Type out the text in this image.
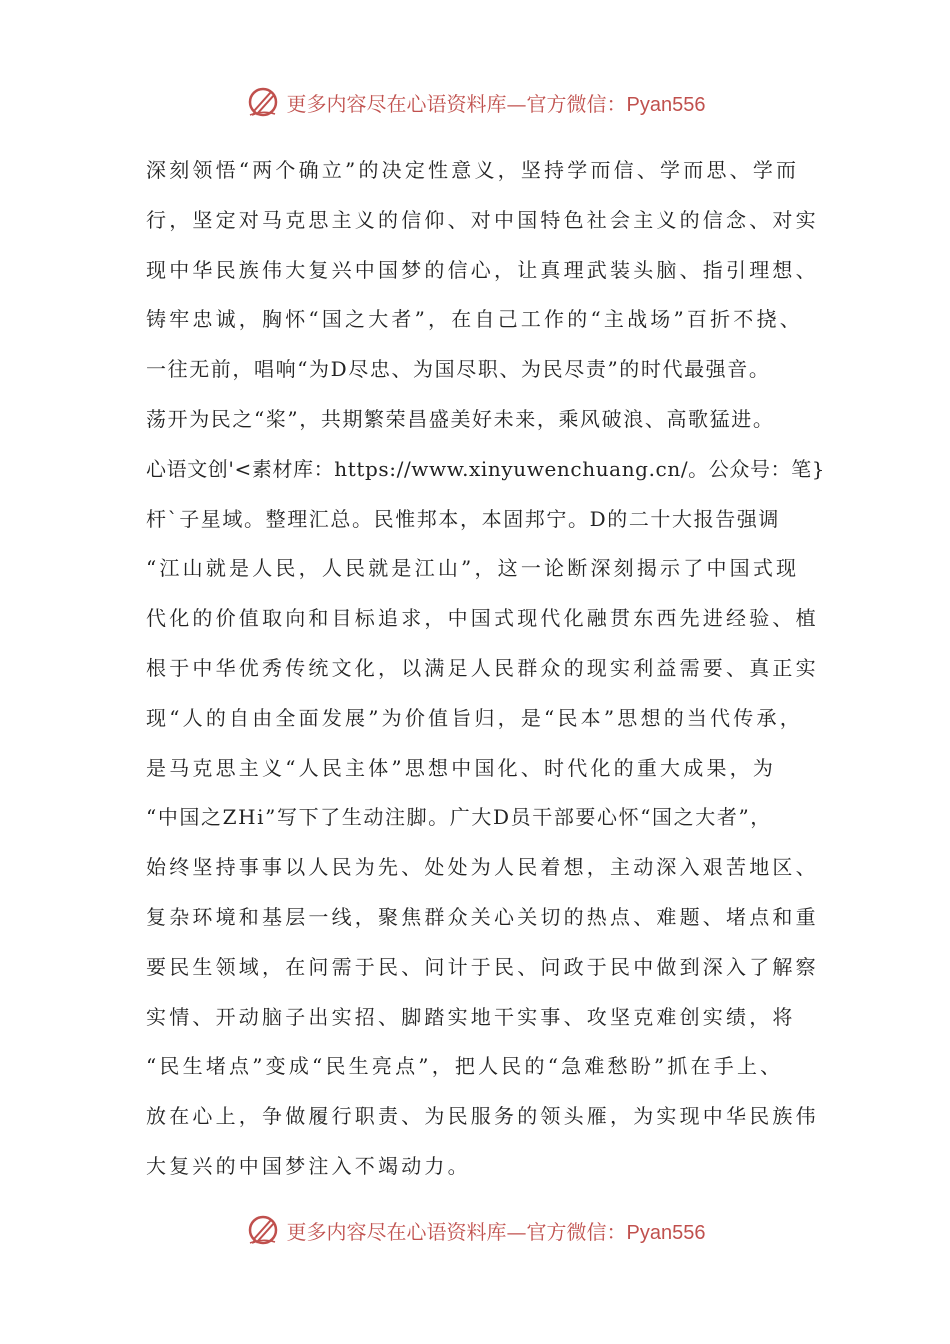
更多内容尽在心语资料库—官方微信：Pyan556
深刻领悟“两个确立”的决定性意义，坚持学而信、学而思、学而
行，坚定对马克思主义的信仰、对中国特色社会主义的信念、对实
现中华民族伟大复兴中国梦的信心，让真理武装头脑、指引理想、
铸牢忠诚，胸怀“国之大者”，在自己工作的“主战场”百折不挠、
一往无前，唱响“为D尽忠、为国尽职、为民尽责”的时代最强音。
荡开为民之“桨”，共期繁荣昌盛美好未来，乘风破浪、高歌猛进。
心语文创'<素材库：https://www.xinyuwenchuang.cn/。公众号：笔}
杆`子星域。整理汇总。民惟邦本，本固邦宁。D的二十大报告强调
“江山就是人民，人民就是江山”，这一论断深刻揭示了中国式现
代化的价值取向和目标追求，中国式现代化融贯东西先进经验、植
根于中华优秀传统文化，以满足人民群众的现实利益需要、真正实
现“人的自由全面发展”为价值旨归，是“民本”思想的当代传承，
是马克思主义“人民主体”思想中国化、时代化的重大成果，为
“中国之ZHi”写下了生动注脚。广大D员干部要心怀“国之大者”，
始终坚持事事以人民为先、处处为人民着想，主动深入艰苦地区、
复杂环境和基层一线，聚焦群众关心关切的热点、难题、堵点和重
要民生领域，在问需于民、问计于民、问政于民中做到深入了解察
实情、开动脑子出实招、脚踏实地干实事、攻坚克难创实绩，将
“民生堵点”变成“民生亮点”，把人民的“急难愁盼”抓在手上、
放在心上，争做履行职责、为民服务的领头雁，为实现中华民族伟
大复兴的中国梦注入不竭动力。
更多内容尽在心语资料库—官方微信：Pyan556
